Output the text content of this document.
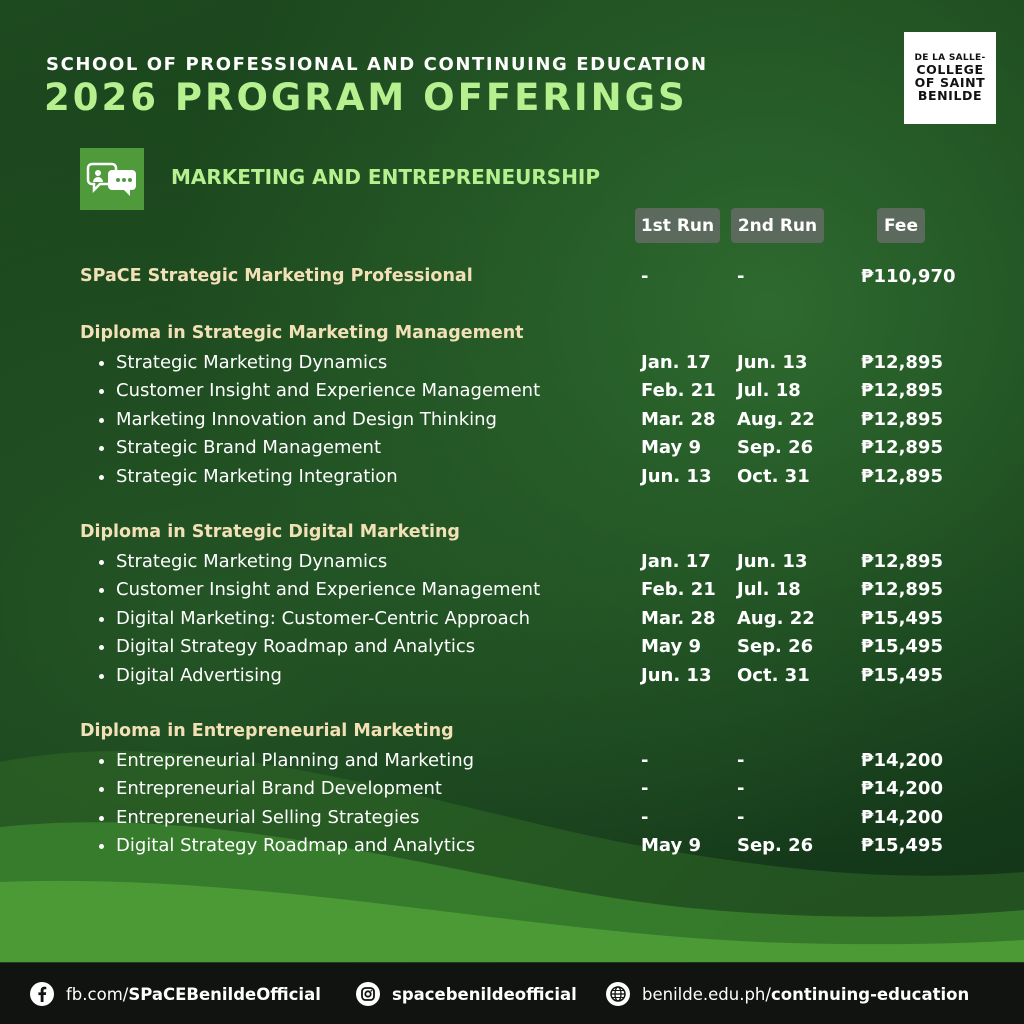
SCHOOL OF PROFESSIONAL AND CONTINUING EDUCATION
2026 PROGRAM OFFERINGS
DE LA SALLE-
COLLEGE
OF SAINT
BENILDE
MARKETING AND ENTREPRENEURSHIP
1st Run	2nd Run	Fee
SPaCE Strategic Marketing Professional	-	-	₱110,970
Diploma in Strategic Marketing Management
Strategic Marketing Dynamics	Jan. 17 Jun. 13	₱12,895
Customer Insight and Experience Management	Feb. 21 Jul. 18	₱12,895
Marketing Innovation and Design Thinking	Mar. 28 Aug. 22	₱12,895
Strategic Brand Management	May 9 Sep. 26	₱12,895
Strategic Marketing Integration	Jun. 13 Oct. 31	₱12,895
Diploma in Strategic Digital Marketing
Strategic Marketing Dynamics	Jan. 17 Jun. 13	₱12,895
Customer Insight and Experience Management	Feb. 21 Jul. 18	₱12,895
Digital Marketing: Customer-Centric Approach	Mar. 28 Aug. 22	₱15,495
Digital Strategy Roadmap and Analytics	May 9 Sep. 26	₱15,495
Digital Advertising	Jun. 13 Oct. 31	₱15,495
Diploma in Entrepreneurial Marketing
Entrepreneurial Planning and Marketing	-	-	₱14,200
Entrepreneurial Brand Development	-	-	₱14,200
Entrepreneurial Selling Strategies	-	-	₱14,200
Digital Strategy Roadmap and Analytics	May 9 Sep. 26	₱15,495
fb.com/SPaCEBenildeOfficial	spacebenildeofficial	benilde.edu.ph/continuing-education
